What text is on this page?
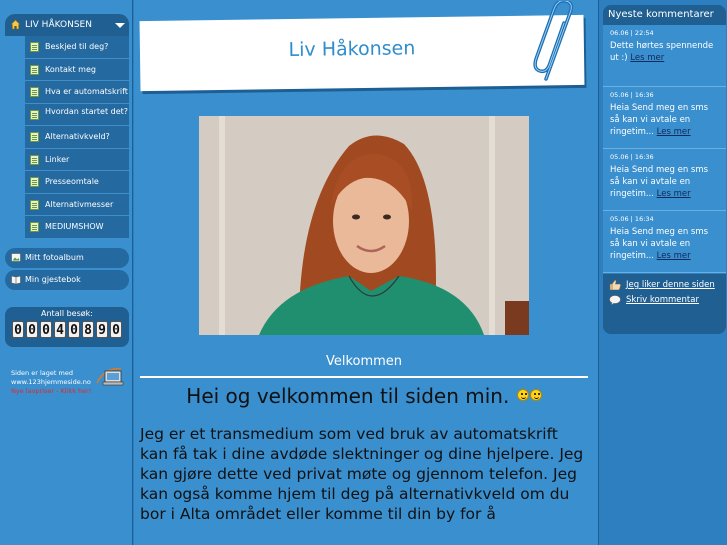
LIV HÅKONSEN
Beskjed til deg?
Kontakt meg
Hva er automatskrift
Hvordan startet det?
Alternativkveld?
Linker
Presseomtale
Alternativmesser
MEDIUMSHOW
Mitt fotoalbum
Min gjestebok
Antall besøk:
0 0 0 4 0 8 9 0
Siden er laget med
www.123hjemmeside.no
Nye lavpriser - Klikk her!
Liv Håkonsen
Velkommen
Hei og velkommen til siden min.
Jeg er et transmedium som ved bruk av automatskrift kan få tak i dine avdøde slektninger og dine hjelpere. Jeg kan gjøre dette ved privat møte og gjennom telefon. Jeg kan også komme hjem til deg på alternativkveld om du bor i Alta området eller komme til din by for å
Nyeste kommentarer
06.06 | 22:54
Dette hørtes spennende ut :) Les mer
05.06 | 16:36
Heia Send meg en sms så kan vi avtale en ringetim... Les mer
05.06 | 16:36
Heia Send meg en sms så kan vi avtale en ringetim... Les mer
05.06 | 16:34
Heia Send meg en sms så kan vi avtale en ringetim... Les mer
Jeg liker denne siden
Skriv kommentar
